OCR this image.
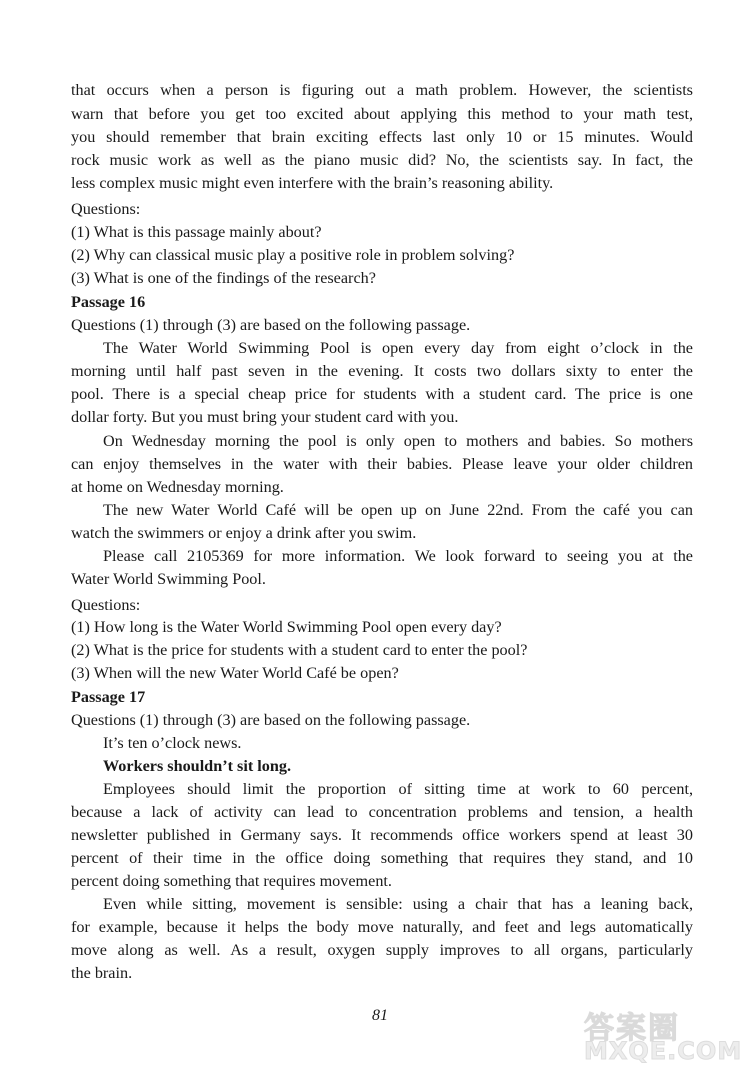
that occurs when a person is figuring out a math problem. However, the scientists
warn that before you get too excited about applying this method to your math test,
you should remember that brain exciting effects last only 10 or 15 minutes. Would
rock music work as well as the piano music did? No, the scientists say. In fact, the
less complex music might even interfere with the brain’s reasoning ability.
Questions:
(1) What is this passage mainly about?
(2) Why can classical music play a positive role in problem solving?
(3) What is one of the findings of the research?
Passage 16
Questions (1) through (3) are based on the following passage.
The Water World Swimming Pool is open every day from eight o’clock in the
morning until half past seven in the evening. It costs two dollars sixty to enter the
pool. There is a special cheap price for students with a student card. The price is one
dollar forty. But you must bring your student card with you.
On Wednesday morning the pool is only open to mothers and babies. So mothers
can enjoy themselves in the water with their babies. Please leave your older children
at home on Wednesday morning.
The new Water World Café will be open up on June 22nd. From the café you can
watch the swimmers or enjoy a drink after you swim.
Please call 2105369 for more information. We look forward to seeing you at the
Water World Swimming Pool.
Questions:
(1) How long is the Water World Swimming Pool open every day?
(2) What is the price for students with a student card to enter the pool?
(3) When will the new Water World Café be open?
Passage 17
Questions (1) through (3) are based on the following passage.
It’s ten o’clock news.
Workers shouldn’t sit long.
Employees should limit the proportion of sitting time at work to 60 percent,
because a lack of activity can lead to concentration problems and tension, a health
newsletter published in Germany says. It recommends office workers spend at least 30
percent of their time in the office doing something that requires they stand, and 10
percent doing something that requires movement.
Even while sitting, movement is sensible: using a chair that has a leaning back,
for example, because it helps the body move naturally, and feet and legs automatically
move along as well. As a result, oxygen supply improves to all organs, particularly
the brain.
81	答案圈
MXQE.COM
